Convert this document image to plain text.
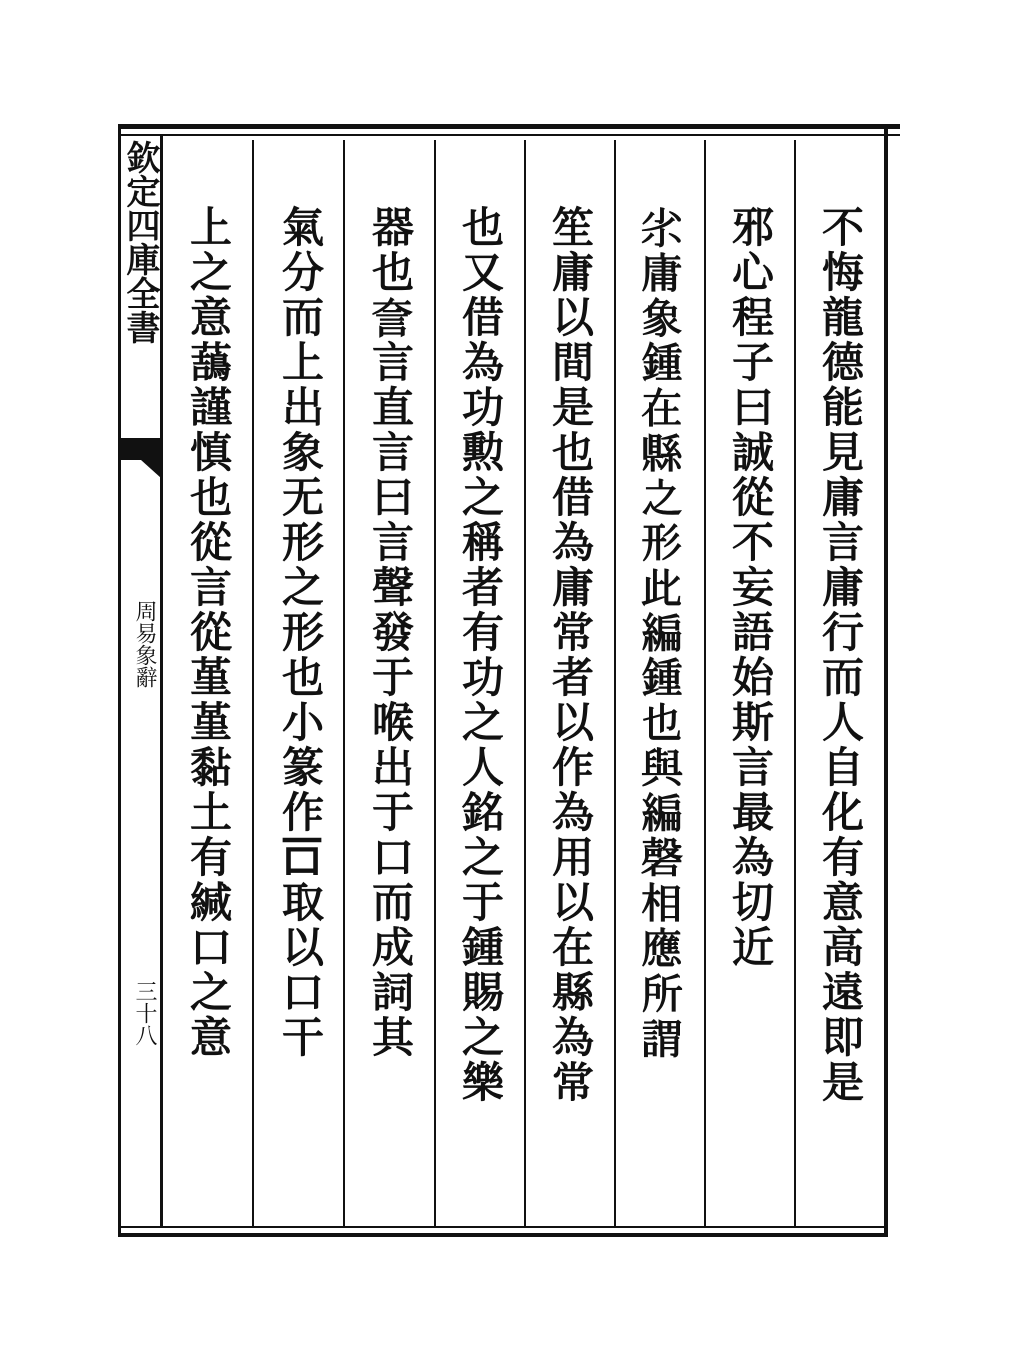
欽定四庫全書
周易象辭
三十八	不悔龍德能見庸言庸行而人自化有意高遠即是
邪心程子曰誠從不妄語始斯言最為切近
𡭝庸象鍾在縣之形此編鍾也與編磬相應所謂
笙庸以間是也借為庸常者以作為用以在縣為常
也又借為功勲之稱者有功之人銘之于鍾賜之樂
器也𧥢言直言曰言聲發于喉出于口而成詞其
氣分而上出象无形之形也小篆作𠮛取以口干
上之意䕵謹慎也從言從堇堇黏土有緘口之意
